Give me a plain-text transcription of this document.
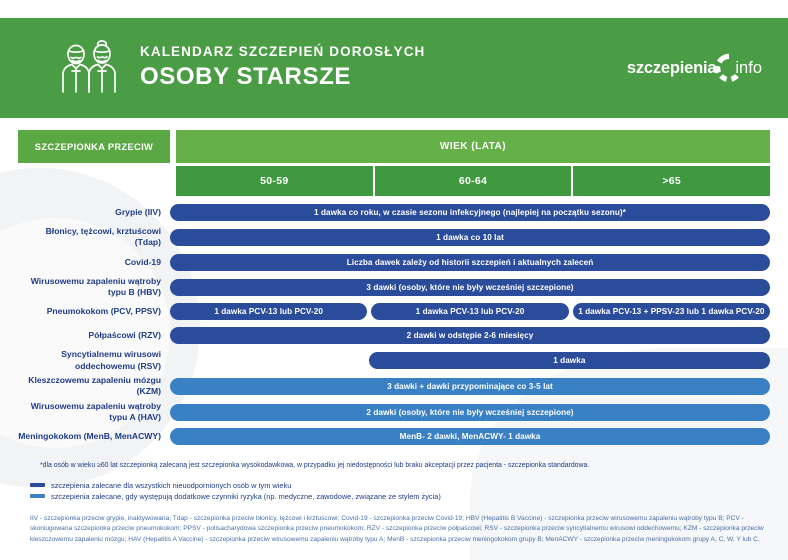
KALENDARZ SZCZEPIEŃ DOROSŁYCH
OSOBY STARSZE	szczepienia info
SZCZEPIONKA PRZECIW	WIEK (LATA)
50-59	60-64	>65
Grypie (IIV)	1 dawka co roku, w czasie sezonu infekcyjnego (najlepiej na początku sezonu)*
Błonicy, tężcowi, krztuścowi (Tdap)	1 dawka co 10 lat
Covid-19	Liczba dawek zależy od historii szczepień i aktualnych zaleceń
Wirusowemu zapaleniu wątroby typu B (HBV)	3 dawki (osoby, które nie były wcześniej szczepione)
Pneumokokom (PCV, PPSV)	1 dawka PCV-13 lub PCV-20	1 dawka PCV-13 lub PCV-20	1 dawka PCV-13 + PPSV-23 lub 1 dawka PCV-20
Półpaścowi (RZV)	2 dawki w odstępie 2-6 miesięcy
Syncytialnemu wirusowi oddechowemu (RSV)	1 dawka
Kleszczowemu zapaleniu mózgu (KZM)	3 dawki + dawki przypominające co 3-5 lat
Wirusowemu zapaleniu wątroby typu A (HAV)	2 dawki (osoby, które nie były wcześniej szczepione)
Meningokokom (MenB, MenACWY)	MenB- 2 dawki, MenACWY- 1 dawka
*dla osób w wieku ≥60 lat szczepionką zalecaną jest szczepionka wysokodawkowa, w przypadku jej niedostępności lub braku akceptacji przez pacjenta - szczepionka standardowa.
szczepienia zalecane dla wszystkich nieuodpornionych osób w tym wieku
szczepienia zalecane, gdy występują dodatkowe czynniki ryzyka (np. medyczne, zawodowe, związane ze stylem życia)
IIV - szczepionka przeciw grypie, inaktywowana; Tdap - szczepionka przeciw błonicy, tężcowi i krztuścowi; Covid-19 - szczepionka przeciw Covid-19; HBV (Hepatitis B Vaccine) - szczepionka przeciw wirusowemu zapaleniu wątroby typu B; PCV - skoniugowana szczepionka przeciw pneumokokom; PPSV - polisacharydowa szczepionka przeciw pneumokokom; RZV - szczepionka przeciw półpaścowi; RSV - szczepionka przeciw syncytialnemu wirusowi oddechowemu; KZM - szczepionka przeciw kleszczowemu zapaleniu mózgu; HAV (Hepatitis A Vaccine) - szczepionka przeciw wirusowemu zapaleniu wątroby typu A; MenB - szczepionka przeciw meningokokom grupy B; MenACWY - szczepionka przeciw meningokokom grupy A, C, W, Y lub C.
